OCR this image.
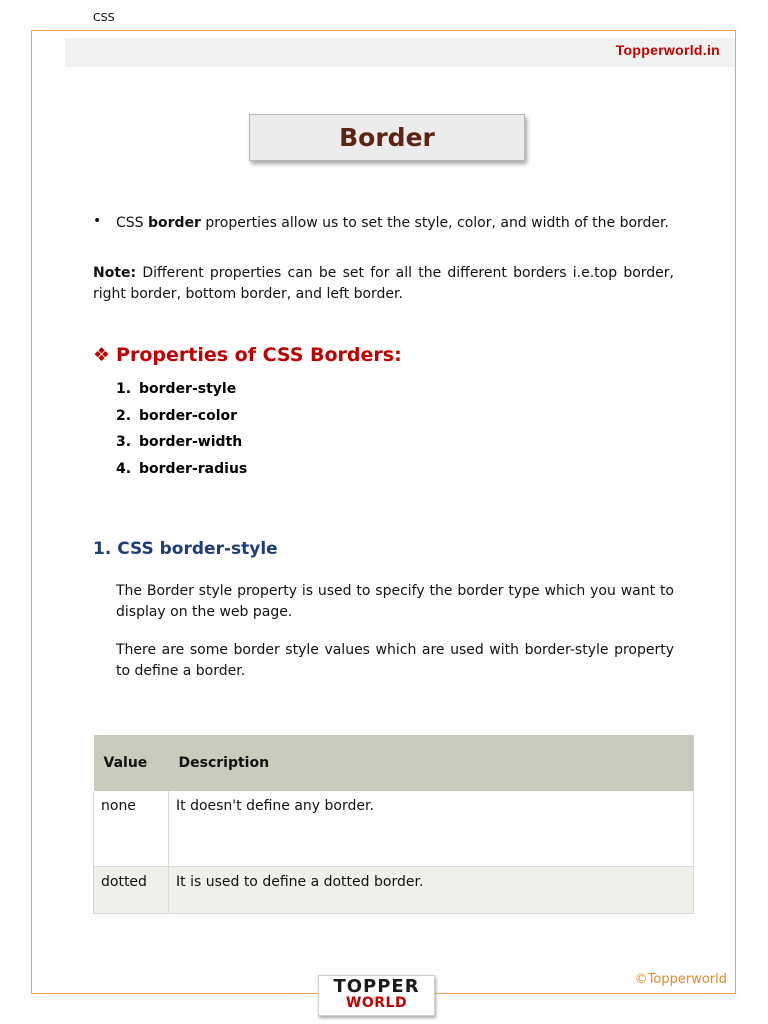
CSS
Topperworld.in
Border
• CSS border properties allow us to set the style, color, and width of the border.
Note: Different properties can be set for all the different borders i.e.top border, right border, bottom border, and left border.
❖ Properties of CSS Borders:
1. border-style
2. border-color
3. border-width
4. border-radius
1. CSS border-style
The Border style property is used to specify the border type which you want to display on the web page.
There are some border style values which are used with border-style property to define a border.
Value	Description
none	It doesn't define any border.
dotted	It is used to define a dotted border.
©Topperworld
TOPPER
WORLD
